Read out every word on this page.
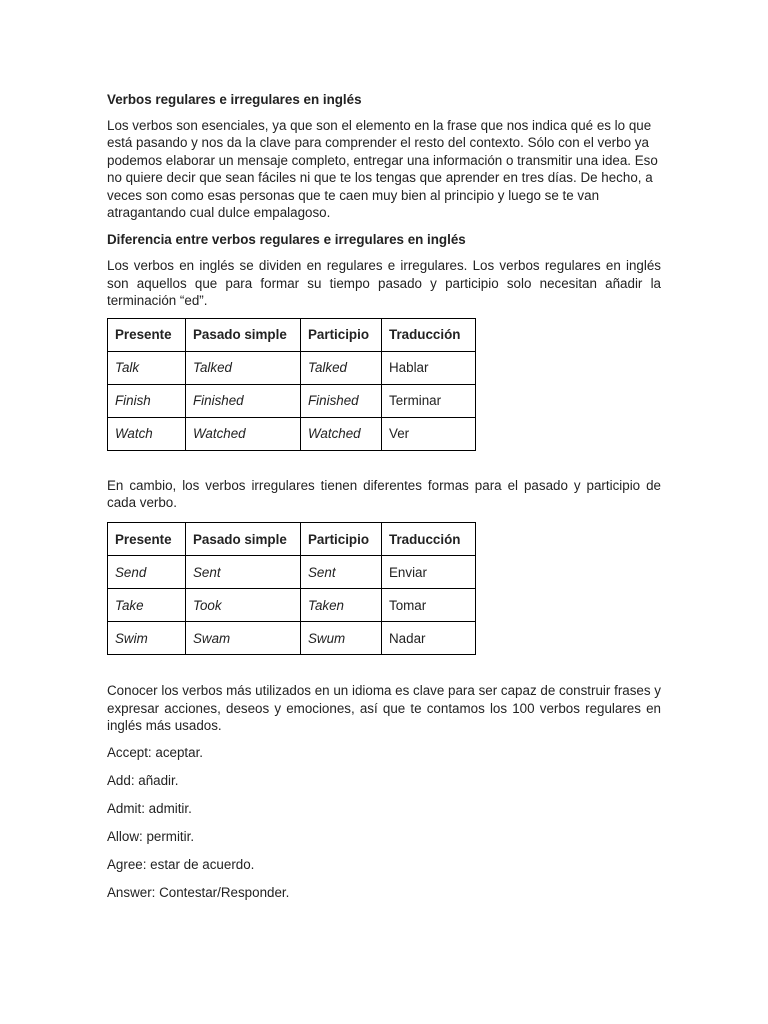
Verbos regulares e irregulares en inglés
Los verbos son esenciales, ya que son el elemento en la frase que nos indica qué es lo que está pasando y nos da la clave para comprender el resto del contexto. Sólo con el verbo ya podemos elaborar un mensaje completo, entregar una información o transmitir una idea. Eso no quiere decir que sean fáciles ni que te los tengas que aprender en tres días. De hecho, a veces son como esas personas que te caen muy bien al principio y luego se te van atragantando cual dulce empalagoso.
Diferencia entre verbos regulares e irregulares en inglés
Los verbos en inglés se dividen en regulares e irregulares. Los verbos regulares en inglés son aquellos que para formar su tiempo pasado y participio solo necesitan añadir la terminación “ed”.
Presente	Pasado simple	Participio	Traducción
Talk	Talked	Talked	Hablar
Finish	Finished	Finished	Terminar
Watch	Watched	Watched	Ver
En cambio, los verbos irregulares tienen diferentes formas para el pasado y participio de cada verbo.
Presente	Pasado simple	Participio	Traducción
Send	Sent	Sent	Enviar
Take	Took	Taken	Tomar
Swim	Swam	Swum	Nadar
Conocer los verbos más utilizados en un idioma es clave para ser capaz de construir frases y expresar acciones, deseos y emociones, así que te contamos los 100 verbos regulares en inglés más usados.
Accept: aceptar.
Add: añadir.
Admit: admitir.
Allow: permitir.
Agree: estar de acuerdo.
Answer: Contestar/Responder.
